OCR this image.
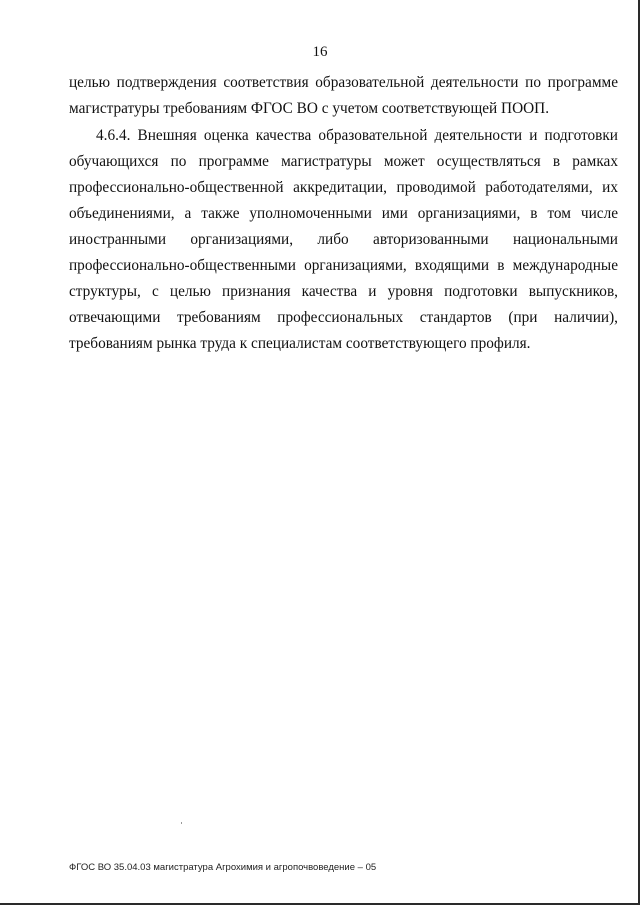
16

целью подтверждения соответствия образовательной деятельности по программе магистратуры требованиям ФГОС ВО с учетом соответствующей ПООП.

4.6.4. Внешняя оценка качества образовательной деятельности и подготовки обучающихся по программе магистратуры может осуществляться в рамках профессионально-общественной аккредитации, проводимой работодателями, их объединениями, а также уполномоченными ими организациями, в том числе иностранными организациями, либо авторизованными национальными профессионально-общественными организациями, входящими в международные структуры, с целью признания качества и уровня подготовки выпускников, отвечающими требованиям профессиональных стандартов (при наличии), требованиям рынка труда к специалистам соответствующего профиля.

ФГОС ВО 35.04.03 магистратура Агрохимия и агропочвоведение – 05
